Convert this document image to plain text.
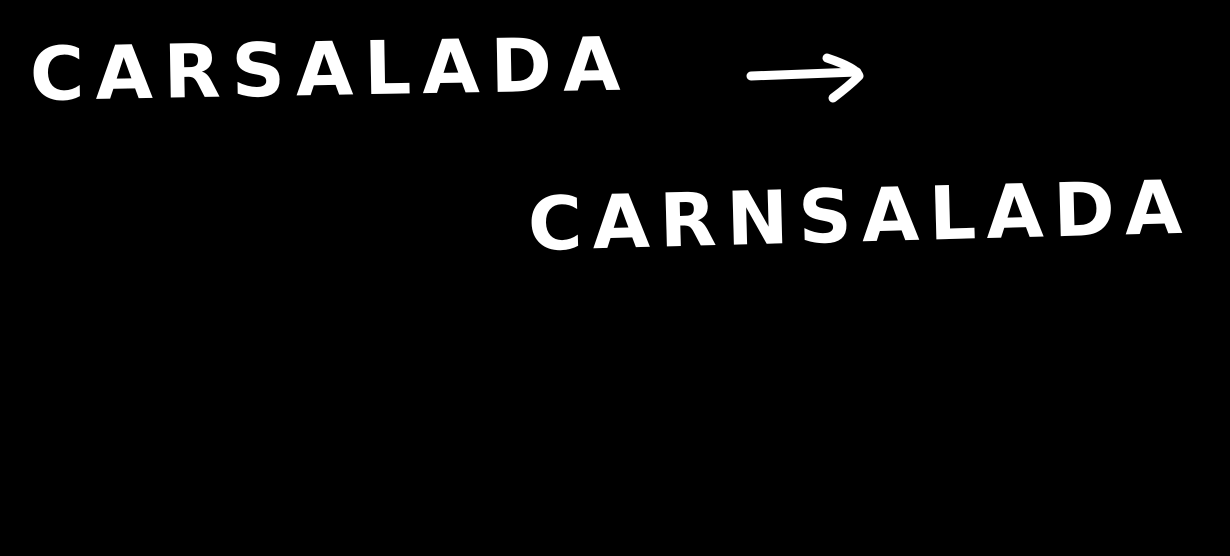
CARSALADA
CARNSALADA
